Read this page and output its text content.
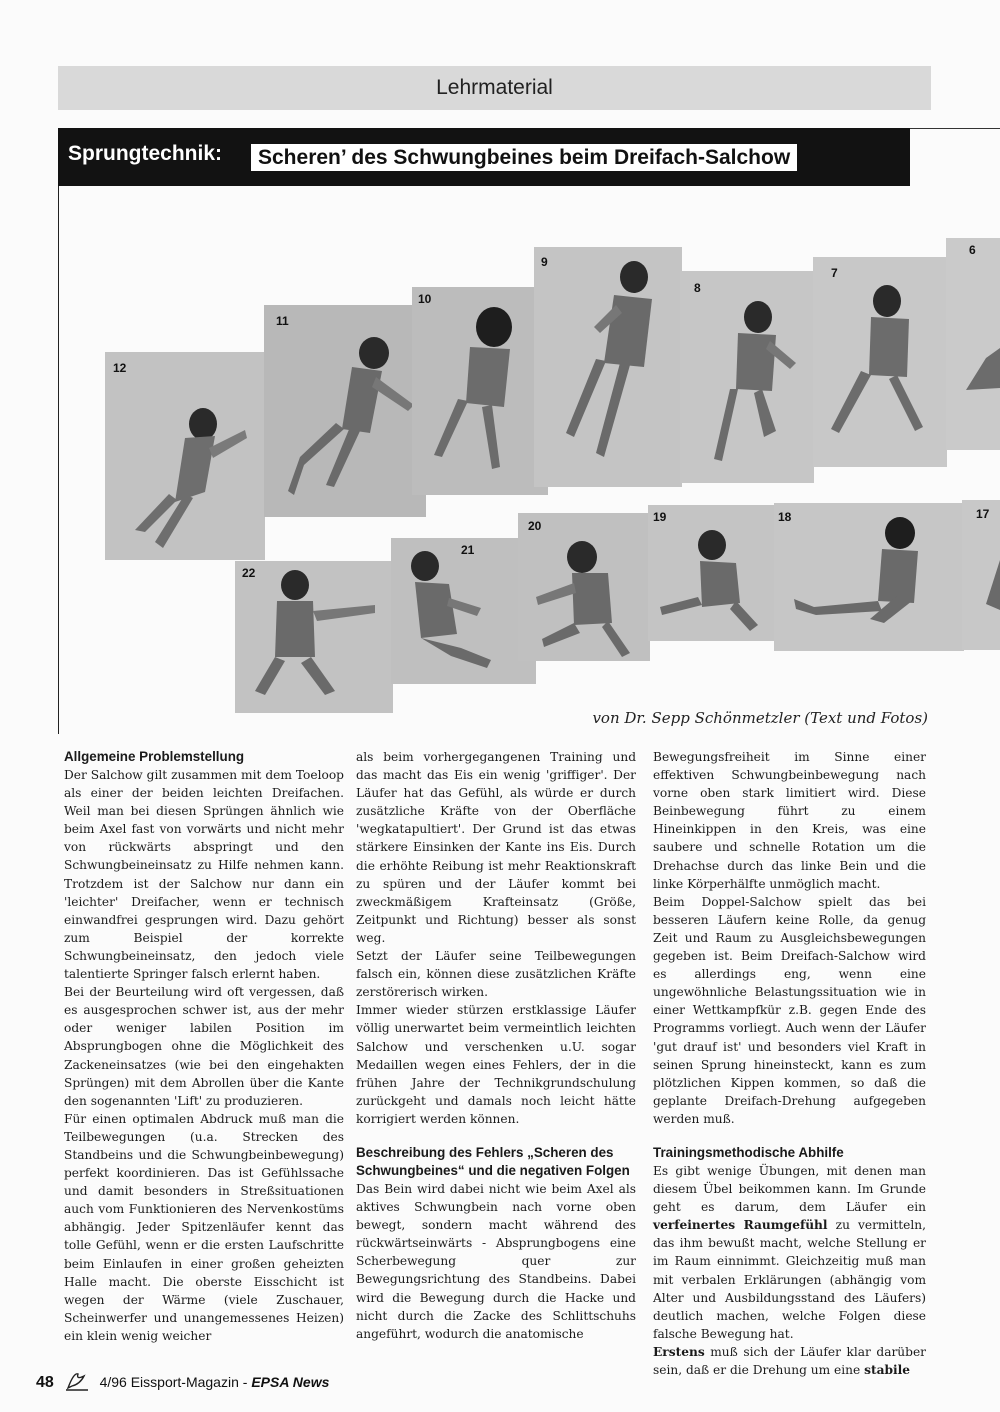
Lehrmaterial
Sprungtechnik:	Scheren’ des Schwungbeines beim Dreifach-Salchow
6
7
8
9
10
11
12
17
18
19
20
21
22
von Dr. Sepp Schönmetzler (Text und Fotos)
Allgemeine Problemstellung

Der Salchow gilt zusammen mit dem Toeloop als einer der beiden leichten Dreifachen. Weil man bei diesen Sprüngen ähnlich wie beim Axel fast von vorwärts und nicht mehr von rückwärts abspringt und den Schwungbeineinsatz zu Hilfe nehmen kann. Trotzdem ist der Salchow nur dann ein 'leichter' Dreifacher, wenn er technisch einwandfrei gesprungen wird. Dazu gehört zum Beispiel der korrekte Schwungbeineinsatz, den jedoch viele talentierte Springer falsch erlernt haben.

Bei der Beurteilung wird oft vergessen, daß es ausgesprochen schwer ist, aus der mehr oder weniger labilen Position im Absprungbogen ohne die Möglichkeit des Zackeneinsatzes (wie bei den eingehakten Sprüngen) mit dem Abrollen über die Kante den sogenannten 'Lift' zu produzieren.

Für einen optimalen Abdruck muß man die Teilbewegungen (u.a. Strecken des Standbeins und die Schwungbeinbewegung) perfekt koordinieren. Das ist Gefühlssache und damit besonders in Streßsituationen auch vom Funktionieren des Nervenkostüms abhängig. Jeder Spitzenläufer kennt das tolle Gefühl, wenn er die ersten Laufschritte beim Einlaufen in einer großen geheizten Halle macht. Die oberste Eisschicht ist wegen der Wärme (viele Zuschauer, Scheinwerfer und unangemessenes Heizen) ein klein wenig weicher

als beim vorhergegangenen Training und das macht das Eis ein wenig 'griffiger'. Der Läufer hat das Gefühl, als würde er durch zusätzliche Kräfte von der Oberfläche 'wegkatapultiert'. Der Grund ist das etwas stärkere Einsinken der Kante ins Eis. Durch die erhöhte Reibung ist mehr Reaktionskraft zu spüren und der Läufer kommt bei zweckmäßigem Krafteinsatz (Größe, Zeitpunkt und Richtung) besser als sonst weg.

Setzt der Läufer seine Teilbewegungen falsch ein, können diese zusätzlichen Kräfte zerstörerisch wirken.

Immer wieder stürzen erstklassige Läufer völlig unerwartet beim vermeintlich leichten Salchow und verschenken u.U. sogar Medaillen wegen eines Fehlers, der in die frühen Jahre der Technikgrundschulung zurückgeht und damals noch leicht hätte korrigiert werden können.

Beschreibung des Fehlers „Scheren des Schwungbeines“ und die negativen Folgen

Das Bein wird dabei nicht wie beim Axel als aktives Schwungbein nach vorne oben bewegt, sondern macht während des rückwärtseinwärts - Absprungbogens eine Scherbewegung quer zur Bewegungsrichtung des Standbeins. Dabei wird die Bewegung durch die Hacke und nicht durch die Zacke des Schlittschuhs angeführt, wodurch die anatomische

Bewegungsfreiheit im Sinne einer effektiven Schwungbeinbewegung nach vorne oben stark limitiert wird. Diese Beinbewegung führt zu einem Hineinkippen in den Kreis, was eine saubere und schnelle Rotation um die Drehachse durch das linke Bein und die linke Körperhälfte unmöglich macht.

Beim Doppel-Salchow spielt das bei besseren Läufern keine Rolle, da genug Zeit und Raum zu Ausgleichsbewegungen gegeben ist. Beim Dreifach-Salchow wird es allerdings eng, wenn eine ungewöhnliche Belastungssituation wie in einer Wettkampfkür z.B. gegen Ende des Programms vorliegt. Auch wenn der Läufer 'gut drauf ist' und besonders viel Kraft in seinen Sprung hineinsteckt, kann es zum plötzlichen Kippen kommen, so daß die geplante Dreifach-Drehung aufgegeben werden muß.

Trainingsmethodische Abhilfe

Es gibt wenige Übungen, mit denen man diesem Übel beikommen kann. Im Grunde geht es darum, dem Läufer ein verfeinertes Raumgefühl zu vermitteln, das ihm bewußt macht, welche Stellung er im Raum einnimmt. Gleichzeitig muß man mit verbalen Erklärungen (abhängig vom Alter und Ausbildungsstand des Läufers) deutlich machen, welche Folgen diese falsche Bewegung hat.

Erstens muß sich der Läufer klar darüber sein, daß er die Drehung um eine stabile

48	4/96 Eissport-Magazin - EPSA News
